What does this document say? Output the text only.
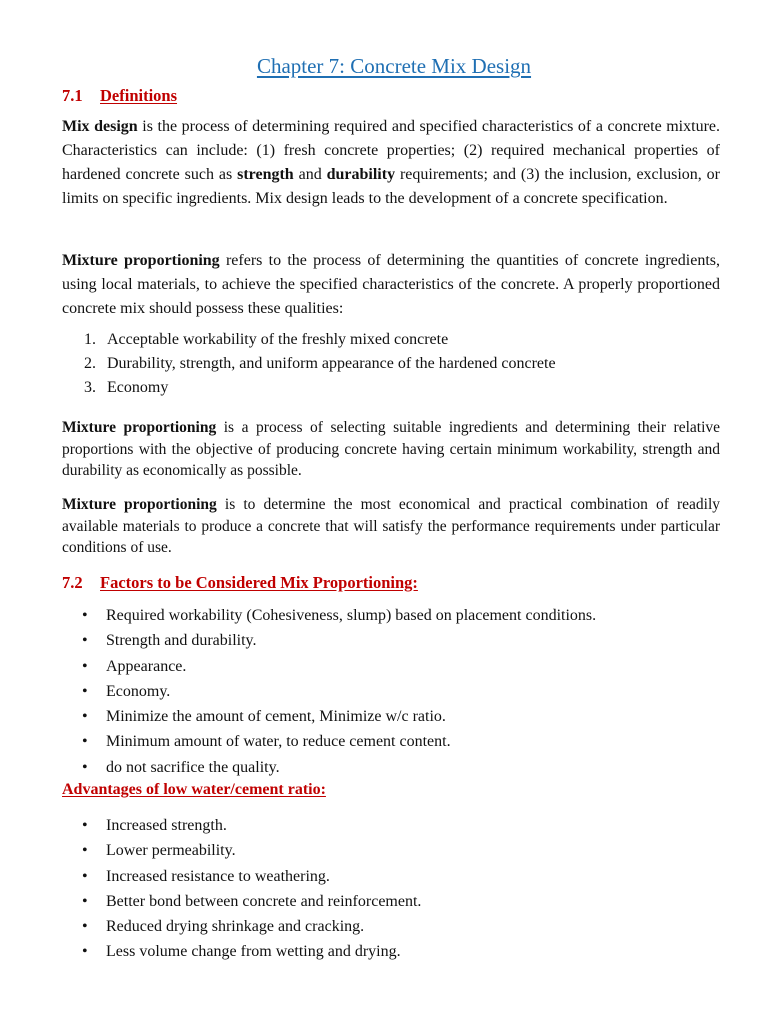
Chapter 7: Concrete Mix Design
7.1 Definitions

Mix design is the process of determining required and specified characteristics of a concrete mixture. Characteristics can include: (1) fresh concrete properties; (2) required mechanical properties of hardened concrete such as strength and durability requirements; and (3) the inclusion, exclusion, or limits on specific ingredients. Mix design leads to the development of a concrete specification.

Mixture proportioning refers to the process of determining the quantities of concrete ingredients, using local materials, to achieve the specified characteristics of the concrete. A properly proportioned concrete mix should possess these qualities:

1. Acceptable workability of the freshly mixed concrete
2. Durability, strength, and uniform appearance of the hardened concrete
3. Economy

Mixture proportioning is a process of selecting suitable ingredients and determining their relative proportions with the objective of producing concrete having certain minimum workability, strength and durability as economically as possible.

Mixture proportioning is to determine the most economical and practical combination of readily available materials to produce a concrete that will satisfy the performance requirements under particular conditions of use.

7.2 Factors to be Considered Mix Proportioning:
• Required workability (Cohesiveness, slump) based on placement conditions.
• Strength and durability.
• Appearance.
• Economy.
• Minimize the amount of cement, Minimize w/c ratio.
• Minimum amount of water, to reduce cement content.
• do not sacrifice the quality.
Advantages of low water/cement ratio:
• Increased strength.
• Lower permeability.
• Increased resistance to weathering.
• Better bond between concrete and reinforcement.
• Reduced drying shrinkage and cracking.
• Less volume change from wetting and drying.
